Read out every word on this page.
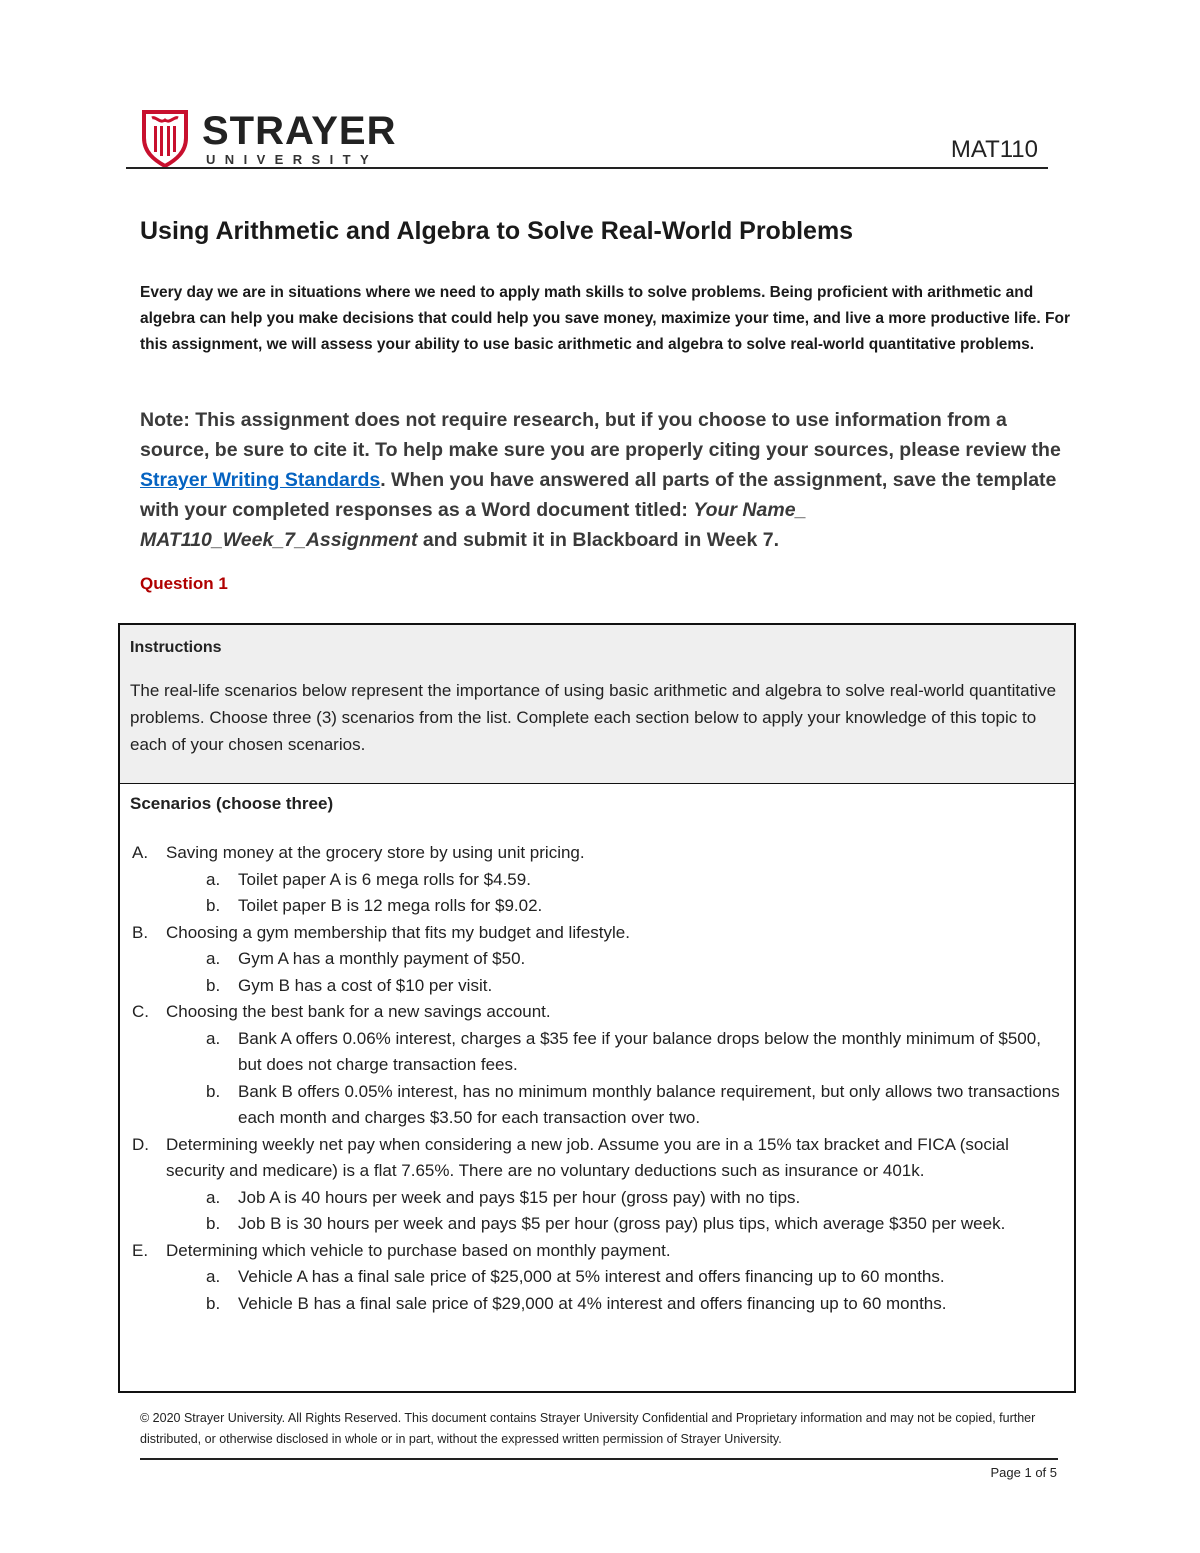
STRAYER
UNIVERSITY	MAT110
Using Arithmetic and Algebra to Solve Real-World Problems
Every day we are in situations where we need to apply math skills to solve problems. Being proficient with arithmetic and algebra can help you make decisions that could help you save money, maximize your time, and live a more productive life. For this assignment, we will assess your ability to use basic arithmetic and algebra to solve real-world quantitative problems.
Note: This assignment does not require research, but if you choose to use information from a source, be sure to cite it. To help make sure you are properly citing your sources, please review the Strayer Writing Standards. When you have answered all parts of the assignment, save the template with your completed responses as a Word document titled: Your Name_ MAT110_Week_7_Assignment and submit it in Blackboard in Week 7.
Question 1
Instructions
The real-life scenarios below represent the importance of using basic arithmetic and algebra to solve real-world quantitative problems. Choose three (3) scenarios from the list. Complete each section below to apply your knowledge of this topic to each of your chosen scenarios.
Scenarios (choose three)
A. Saving money at the grocery store by using unit pricing.
a. Toilet paper A is 6 mega rolls for $4.59.
b. Toilet paper B is 12 mega rolls for $9.02.
B. Choosing a gym membership that fits my budget and lifestyle.
a. Gym A has a monthly payment of $50.
b. Gym B has a cost of $10 per visit.
C. Choosing the best bank for a new savings account.
a. Bank A offers 0.06% interest, charges a $35 fee if your balance drops below the monthly minimum of $500, but does not charge transaction fees.
b. Bank B offers 0.05% interest, has no minimum monthly balance requirement, but only allows two transactions each month and charges $3.50 for each transaction over two.
D. Determining weekly net pay when considering a new job. Assume you are in a 15% tax bracket and FICA (social security and medicare) is a flat 7.65%. There are no voluntary deductions such as insurance or 401k.
a. Job A is 40 hours per week and pays $15 per hour (gross pay) with no tips.
b. Job B is 30 hours per week and pays $5 per hour (gross pay) plus tips, which average $350 per week.
E. Determining which vehicle to purchase based on monthly payment.
a. Vehicle A has a final sale price of $25,000 at 5% interest and offers financing up to 60 months.
b. Vehicle B has a final sale price of $29,000 at 4% interest and offers financing up to 60 months.
© 2020 Strayer University. All Rights Reserved. This document contains Strayer University Confidential and Proprietary information and may not be copied, further distributed, or otherwise disclosed in whole or in part, without the expressed written permission of Strayer University.
Page 1 of 5
